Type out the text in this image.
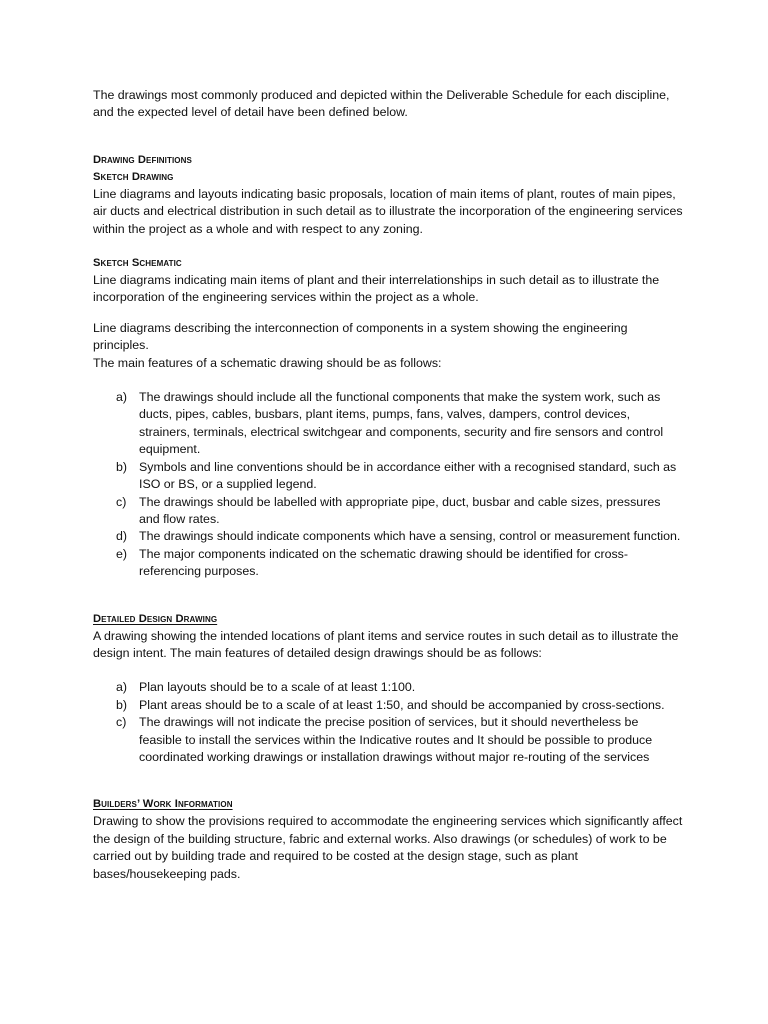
The drawings most commonly produced and depicted within the Deliverable Schedule for each discipline, and the expected level of detail have been defined below.

Drawing Definitions

Sketch Drawing

Line diagrams and layouts indicating basic proposals, location of main items of plant, routes of main pipes, air ducts and electrical distribution in such detail as to illustrate the incorporation of the engineering services within the project as a whole and with respect to any zoning.

Sketch Schematic

Line diagrams indicating main items of plant and their interrelationships in such detail as to illustrate the incorporation of the engineering services within the project as a whole.

Line diagrams describing the interconnection of components in a system showing the engineering principles.

The main features of a schematic drawing should be as follows:

a) The drawings should include all the functional components that make the system work, such as ducts, pipes, cables, busbars, plant items, pumps, fans, valves, dampers, control devices, strainers, terminals, electrical switchgear and components, security and fire sensors and control equipment.
b) Symbols and line conventions should be in accordance either with a recognised standard, such as ISO or BS, or a supplied legend.
c) The drawings should be labelled with appropriate pipe, duct, busbar and cable sizes, pressures and flow rates.
d) The drawings should indicate components which have a sensing, control or measurement function.
e) The major components indicated on the schematic drawing should be identified for cross-referencing purposes.

Detailed Design Drawing

A drawing showing the intended locations of plant items and service routes in such detail as to illustrate the design intent. The main features of detailed design drawings should be as follows:

a) Plan layouts should be to a scale of at least 1:100.
b) Plant areas should be to a scale of at least 1:50, and should be accompanied by cross-sections.
c) The drawings will not indicate the precise position of services, but it should nevertheless be feasible to install the services within the Indicative routes and It should be possible to produce coordinated working drawings or installation drawings without major re-routing of the services

Builders’ Work Information

Drawing to show the provisions required to accommodate the engineering services which significantly affect the design of the building structure, fabric and external works. Also drawings (or schedules) of work to be carried out by building trade and required to be costed at the design stage, such as plant bases/housekeeping pads.
